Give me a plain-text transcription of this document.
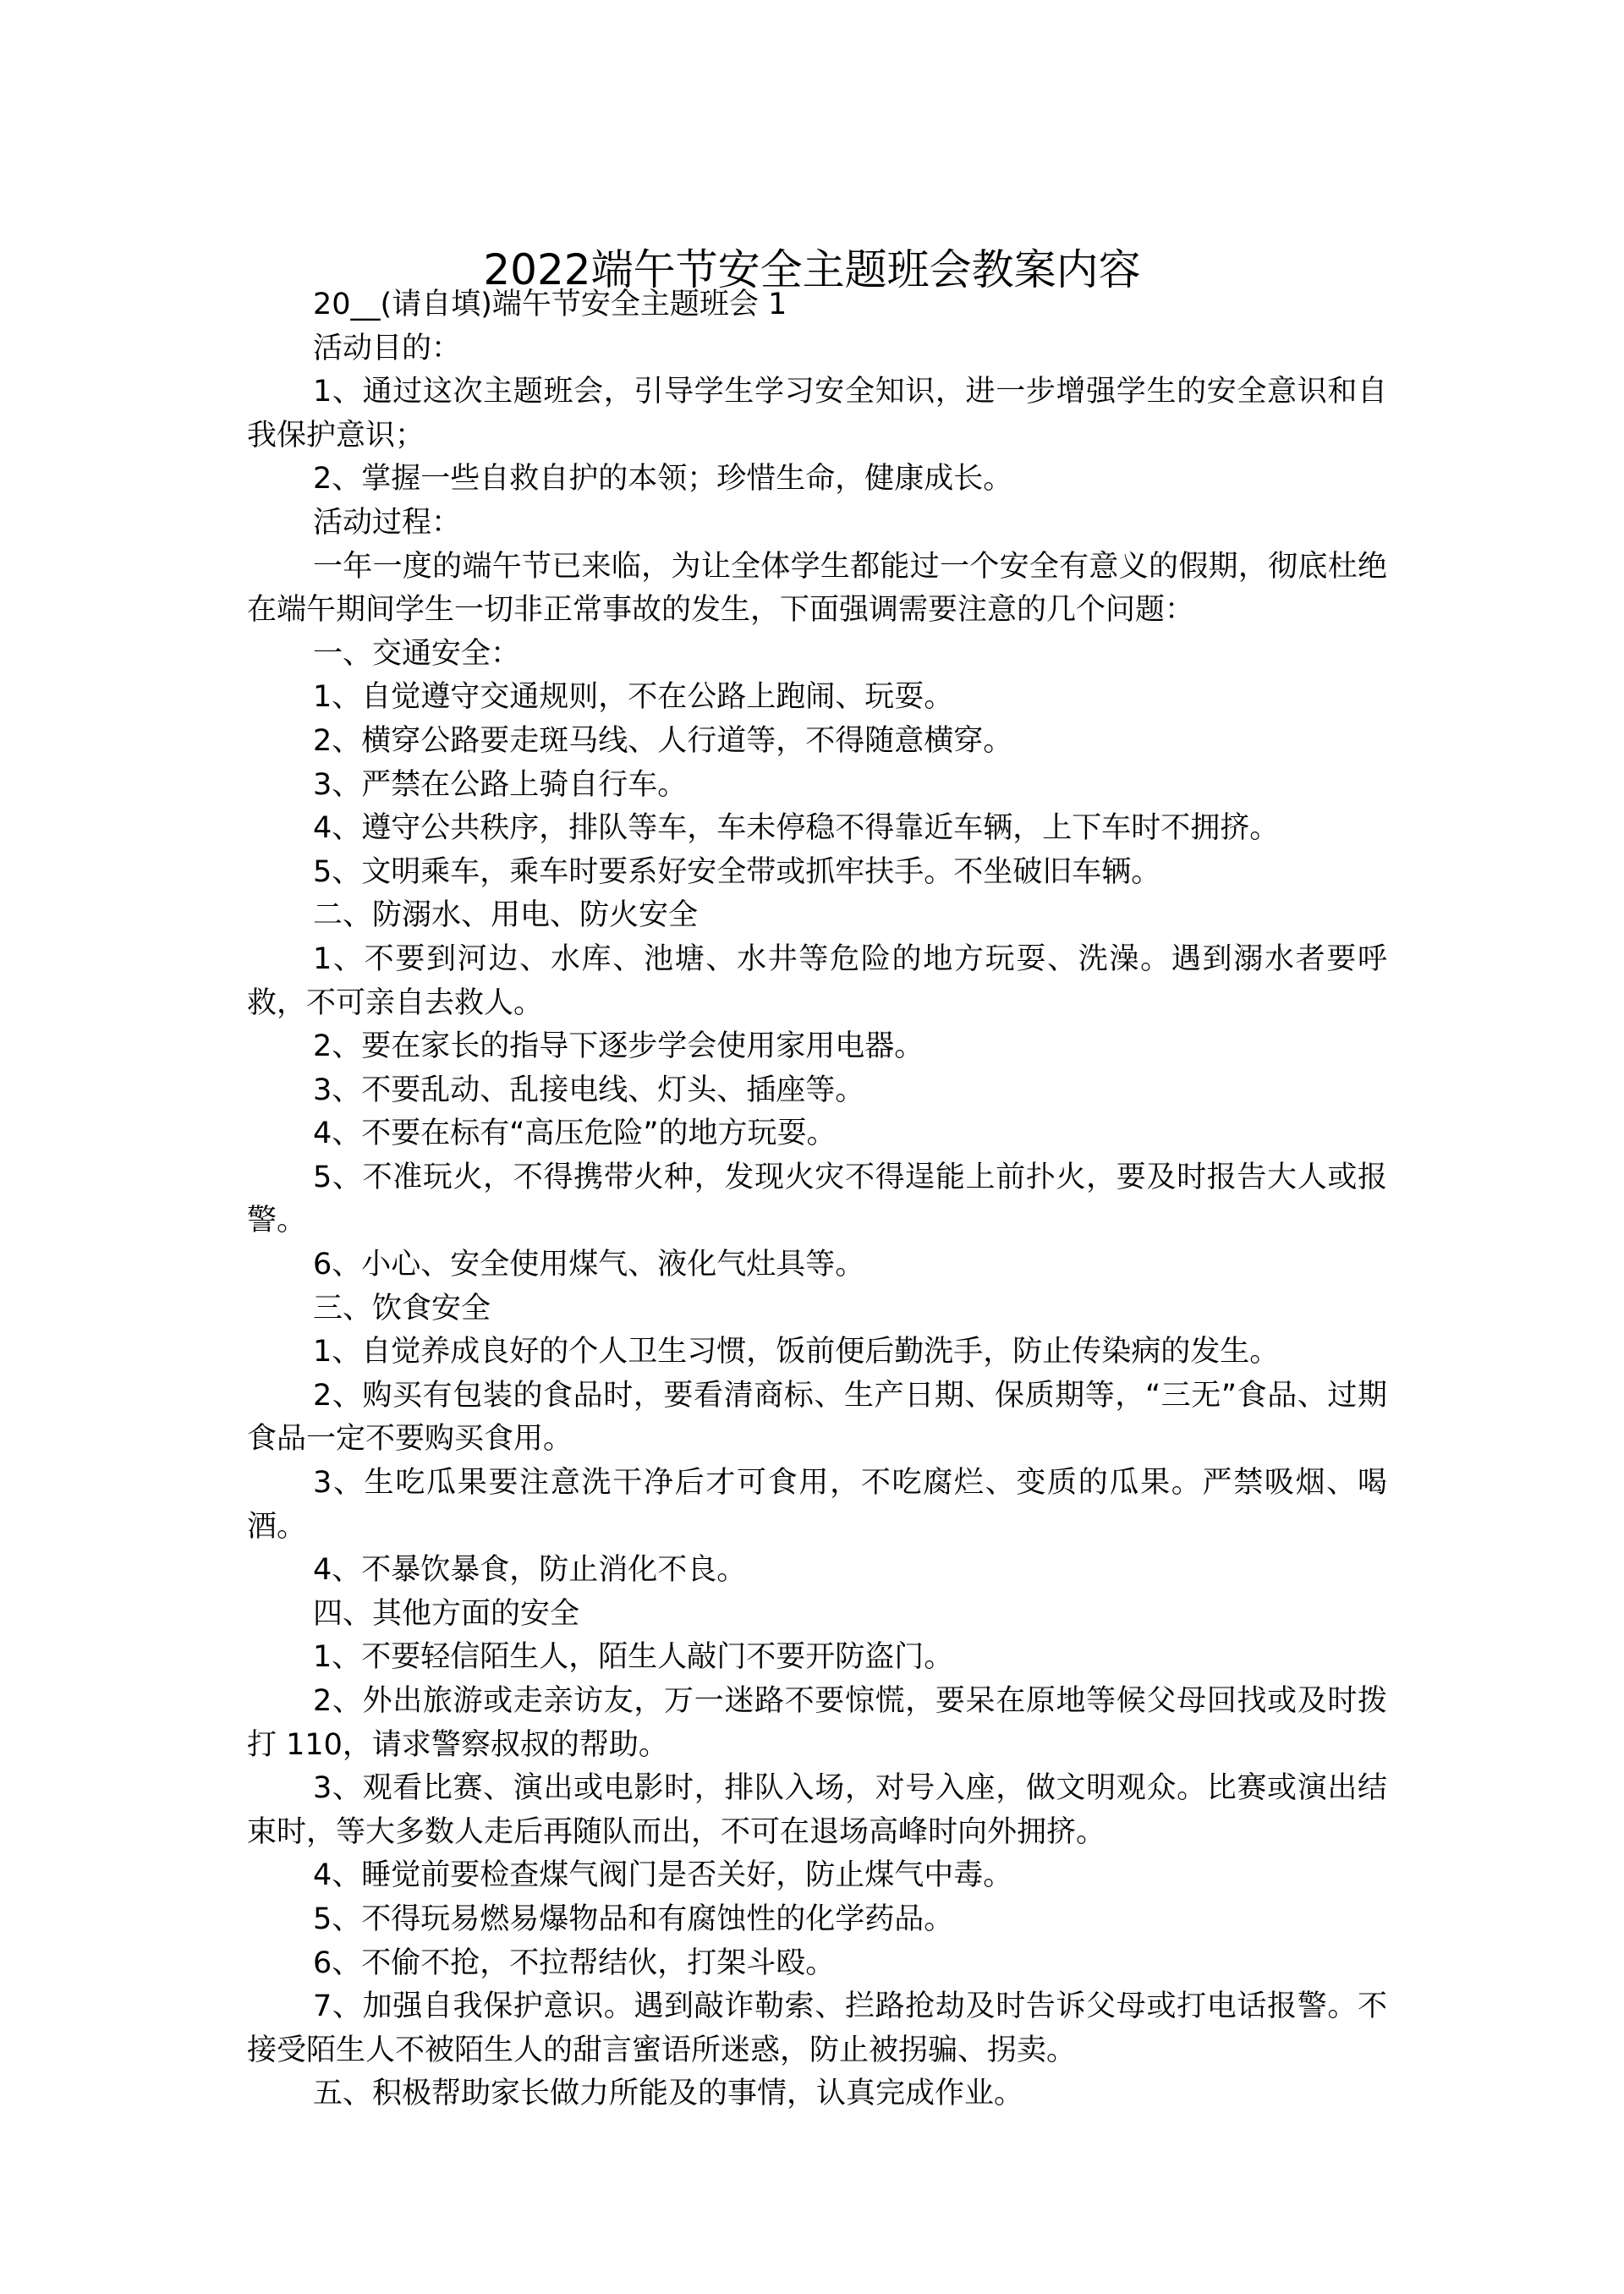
2022端午节安全主题班会教案内容

20__(请自填)端午节安全主题班会 1

活动目的：

1、通过这次主题班会，引导学生学习安全知识，进一步增强学生的安全意识和自我保护意识；

2、掌握一些自救自护的本领；珍惜生命，健康成长。

活动过程：

一年一度的端午节已来临，为让全体学生都能过一个安全有意义的假期，彻底杜绝在端午期间学生一切非正常事故的发生，下面强调需要注意的几个问题：

一、交通安全：

1、自觉遵守交通规则，不在公路上跑闹、玩耍。

2、横穿公路要走斑马线、人行道等，不得随意横穿。

3、严禁在公路上骑自行车。

4、遵守公共秩序，排队等车，车未停稳不得靠近车辆，上下车时不拥挤。

5、文明乘车，乘车时要系好安全带或抓牢扶手。不坐破旧车辆。

二、防溺水、用电、防火安全

1、不要到河边、水库、池塘、水井等危险的地方玩耍、洗澡。遇到溺水者要呼救，不可亲自去救人。

2、要在家长的指导下逐步学会使用家用电器。

3、不要乱动、乱接电线、灯头、插座等。

4、不要在标有“高压危险”的地方玩耍。

5、不准玩火，不得携带火种，发现火灾不得逞能上前扑火，要及时报告大人或报警。

6、小心、安全使用煤气、液化气灶具等。

三、饮食安全

1、自觉养成良好的个人卫生习惯，饭前便后勤洗手，防止传染病的发生。

2、购买有包装的食品时，要看清商标、生产日期、保质期等，“三无”食品、过期食品一定不要购买食用。

3、生吃瓜果要注意洗干净后才可食用，不吃腐烂、变质的瓜果。严禁吸烟、喝酒。

4、不暴饮暴食，防止消化不良。

四、其他方面的安全

1、不要轻信陌生人，陌生人敲门不要开防盗门。

2、外出旅游或走亲访友，万一迷路不要惊慌，要呆在原地等候父母回找或及时拨打 110，请求警察叔叔的帮助。

3、观看比赛、演出或电影时，排队入场，对号入座，做文明观众。比赛或演出结束时，等大多数人走后再随队而出，不可在退场高峰时向外拥挤。

4、睡觉前要检查煤气阀门是否关好，防止煤气中毒。

5、不得玩易燃易爆物品和有腐蚀性的化学药品。

6、不偷不抢，不拉帮结伙，打架斗殴。

7、加强自我保护意识。遇到敲诈勒索、拦路抢劫及时告诉父母或打电话报警。不接受陌生人不被陌生人的甜言蜜语所迷惑，防止被拐骗、拐卖。

五、积极帮助家长做力所能及的事情，认真完成作业。
